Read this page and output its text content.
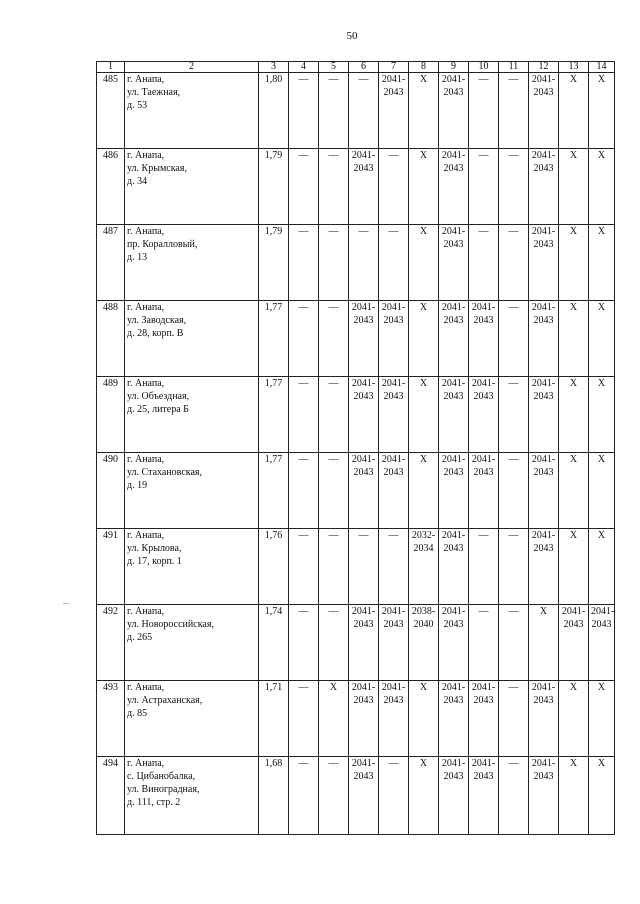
50
1	2	3	4	5	6	7	8	9	10	11	12	13	14
485	г. Анапа,
ул. Таежная,
д. 53	1,80	—	—	—	2041-
2043	Х	2041-
2043	—	—	2041-
2043	Х	Х
486	г. Анапа,
ул. Крымская,
д. 34	1,79	—	—	2041-
2043	—	Х	2041-
2043	—	—	2041-
2043	Х	Х
487	г. Анапа,
пр. Коралловый,
д. 13	1,79	—	—	—	—	Х	2041-
2043	—	—	2041-
2043	Х	Х
488	г. Анапа,
ул. Заводская,
д. 28, корп. В	1,77	—	—	2041-
2043	2041-
2043	Х	2041-
2043	2041-
2043	—	2041-
2043	Х	Х
489	г. Анапа,
ул. Объездная,
д. 25, литера Б	1,77	—	—	2041-
2043	2041-
2043	Х	2041-
2043	2041-
2043	—	2041-
2043	Х	Х
490	г. Анапа,
ул. Стахановская,
д. 19	1,77	—	—	2041-
2043	2041-
2043	Х	2041-
2043	2041-
2043	—	2041-
2043	Х	Х
491	г. Анапа,
ул. Крылова,
д. 17, корп. 1	1,76	—	—	—	—	2032-
2034	2041-
2043	—	—	2041-
2043	Х	Х
492	г. Анапа,
ул. Новороссийская,
д. 265	1,74	—	—	2041-
2043	2041-
2043	2038-
2040	2041-
2043	—	—	Х	2041-
2043	2041-
2043
493	г. Анапа,
ул. Астраханская,
д. 85	1,71	—	Х	2041-
2043	2041-
2043	Х	2041-
2043	2041-
2043	—	2041-
2043	Х	Х
494	г. Анапа,
с. Цибанобалка,
ул. Виноградная,
д. 111, стр. 2	1,68	—	—	2041-
2043	—	Х	2041-
2043	2041-
2043	—	2041-
2043	Х	Х
